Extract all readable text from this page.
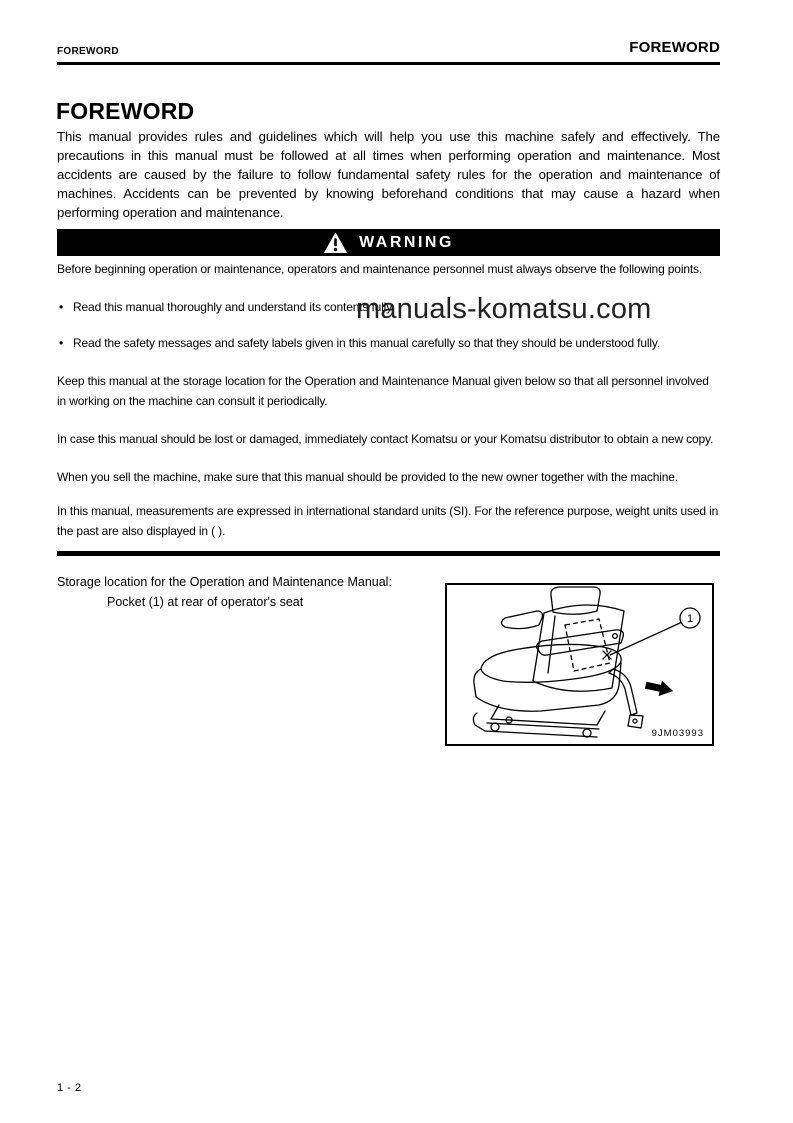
FOREWORD	FOREWORD
FOREWORD

This manual provides rules and guidelines which will help you use this machine safely and effectively. The precautions in this manual must be followed at all times when performing operation and maintenance. Most accidents are caused by the failure to follow fundamental safety rules for the operation and maintenance of machines. Accidents can be prevented by knowing beforehand conditions that may cause a hazard when performing operation and maintenance.

WARNING

Before beginning operation or maintenance, operators and maintenance personnel must always observe the following points.

• Read this manual thoroughly and understand its contents fully.
manuals-komatsu.com
• Read the safety messages and safety labels given in this manual carefully so that they should be understood fully.

Keep this manual at the storage location for the Operation and Maintenance Manual given below so that all personnel involved in working on the machine can consult it periodically.

In case this manual should be lost or damaged, immediately contact Komatsu or your Komatsu distributor to obtain a new copy.

When you sell the machine, make sure that this manual should be provided to the new owner together with the machine.

In this manual, measurements are expressed in international standard units (SI). For the reference purpose, weight units used in the past are also displayed in ( ).

Storage location for the Operation and Maintenance Manual:

Pocket (1) at rear of operator's seat

1
9JM03993
1 - 2
